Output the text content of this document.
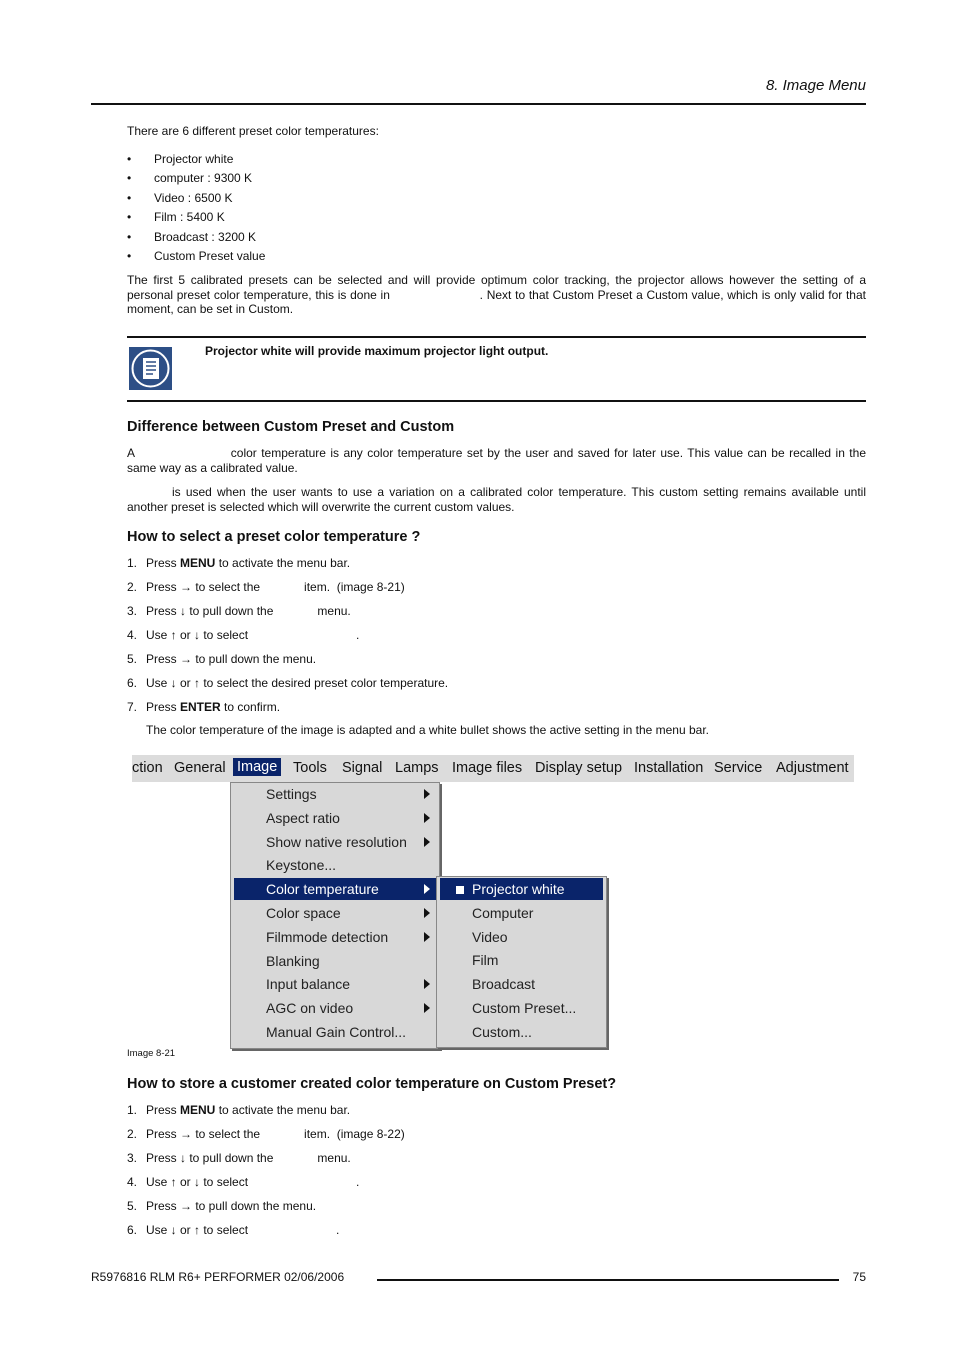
8. Image Menu
There are 6 different preset color temperatures:
• Projector white
• computer : 9300 K
• Video : 6500 K
• Film : 5400 K
• Broadcast : 3200 K
• Custom Preset value

The first 5 calibrated presets can be selected and will provide optimum color tracking, the projector allows however the setting of a personal preset color temperature, this is done in	. Next to that Custom Preset a Custom value, which is only valid for that moment, can be set in Custom.

Projector white will provide maximum projector light output.
Difference between Custom Preset and Custom

A	color temperature is any color temperature set by the user and saved for later use. This value can be recalled in the same way as a calibrated value.

is used when the user wants to use a variation on a calibrated color temperature. This custom setting remains available until another preset is selected which will overwrite the current custom values.

How to select a preset color temperature ?
1. Press MENU to activate the menu bar.
2. Press → to select the	item.  (image 8-21)
3. Press ↓ to pull down the	menu.
4. Use ↑ or ↓ to select	.
5. Press → to pull down the menu.
6. Use ↓ or ↑ to select the desired preset color temperature.
7. Press ENTER to confirm.
The color temperature of the image is adapted and a white bullet shows the active setting in the menu bar.
ction General Image Tools Signal Lamps Image files Display setup Installation Service Adjustment
Settings
Aspect ratio
Show native resolution
Keystone...
Color temperature
Color space
Filmmode detection
Blanking
Input balance
AGC on video
Manual Gain Control...
Projector white
Computer
Video
Film
Broadcast
Custom Preset...
Custom...
Image 8-21
How to store a customer created color temperature on Custom Preset?
1. Press MENU to activate the menu bar.
2. Press → to select the	item.  (image 8-22)
3. Press ↓ to pull down the	menu.
4. Use ↑ or ↓ to select	.
5. Press → to pull down the menu.
6. Use ↓ or ↑ to select	.
R5976816 RLM R6+ PERFORMER 02/06/2006	75
